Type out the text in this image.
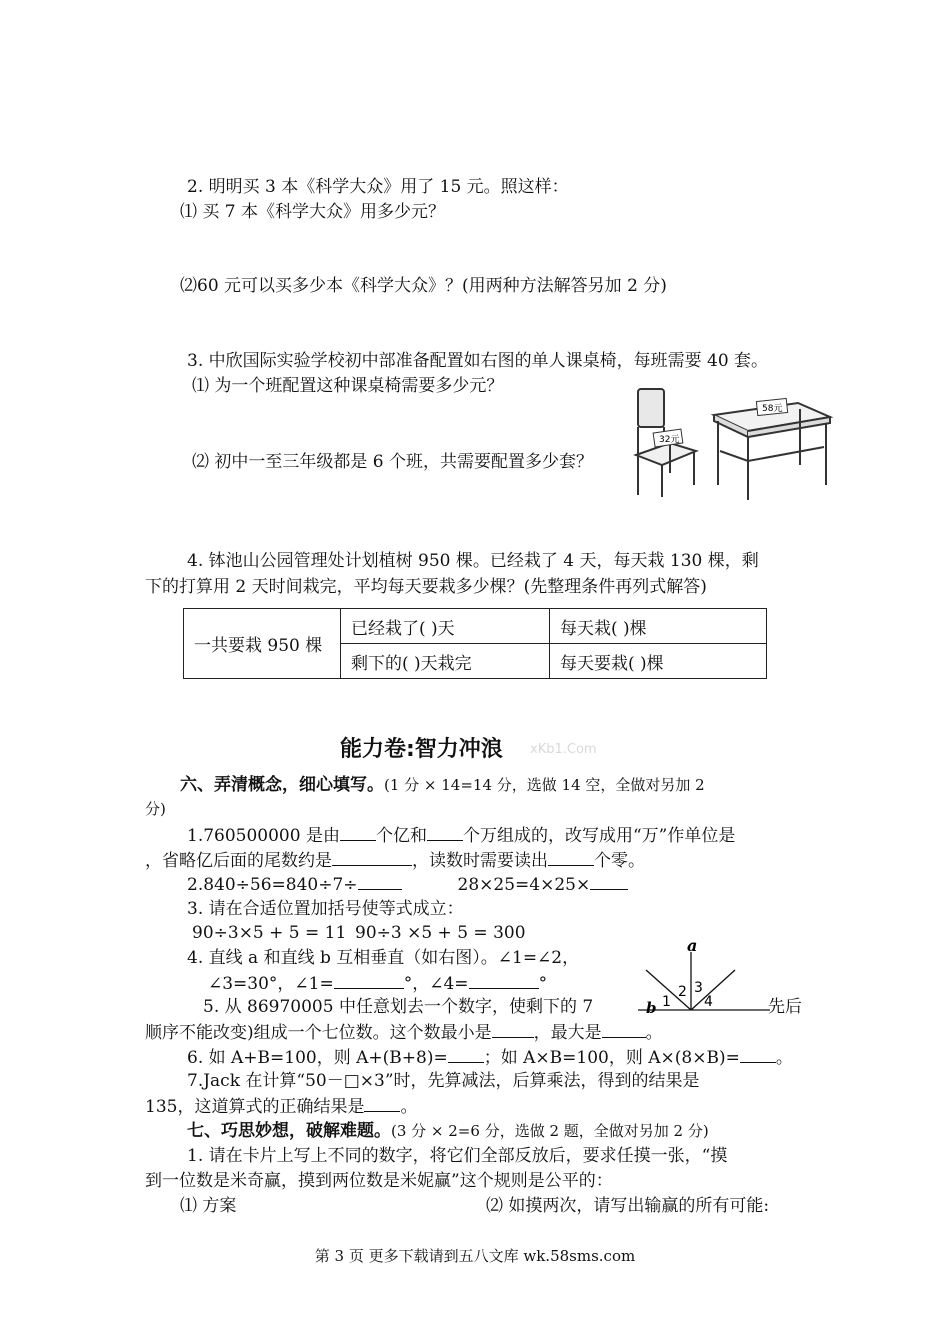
2. 明明买 3 本《科学大众》用了 15 元。照这样：
⑴ 买 7 本《科学大众》用多少元？
⑵60 元可以买多少本《科学大众》？(用两种方法解答另加 2 分)
3. 中欣国际实验学校初中部准备配置如右图的单人课桌椅，每班需要 40 套。
⑴ 为一个班配置这种课桌椅需要多少元？
⑵ 初中一至三年级都是 6 个班，共需要配置多少套？
32元
58元
4. 钵池山公园管理处计划植树 950 棵。已经栽了 4 天，每天栽 130 棵，剩
下的打算用 2 天时间栽完，平均每天要栽多少棵？(先整理条件再列式解答)
一共要栽 950 棵	已经栽了( )天	每天栽( )棵
	剩下的( )天栽完	每天要栽( )棵
能力卷:智力冲浪 xKb1.Com
六、弄清概念，细心填写。(1 分 × 14=14 分，选做 14 空，全做对另加 2
分)
1.760500000 是由 个亿和 个万组成的，改写成用“万”作单位是
，省略亿后面的尾数约是	，读数时需要读出	个零。
2.840÷56=840÷7÷	28×25=4×25×
3. 请在合适位置加括号使等式成立：
90÷3×5 + 5 = 11 90÷3 ×5 + 5 = 300
4. 直线 a 和直线 b 互相垂直（如右图）。∠1=∠2，
∠3=30°，∠1=	°，∠4=	°
a
b 1
2 3
4
5. 从 86970005 中任意划去一个数字，使剩下的 7	先后
顺序不能改变)组成一个七位数。这个数最小是 ，最大是	。
6. 如 A+B=100，则 A+(B+8)= ；如 A×B=100，则 A×(8×B)= 。
7.Jack 在计算“50－□×3”时，先算减法，后算乘法，得到的结果是
135，这道算式的正确结果是 。
七、巧思妙想，破解难题。(3 分 × 2=6 分，选做 2 题，全做对另加 2 分)
1. 请在卡片上写上不同的数字，将它们全部反放后，要求任摸一张，“摸
到一位数是米奇赢，摸到两位数是米妮赢”这个规则是公平的：
⑴ 方案	⑵ 如摸两次，请写出输赢的所有可能:
第 3 页 更多下载请到五八文库 wk.58sms.com
